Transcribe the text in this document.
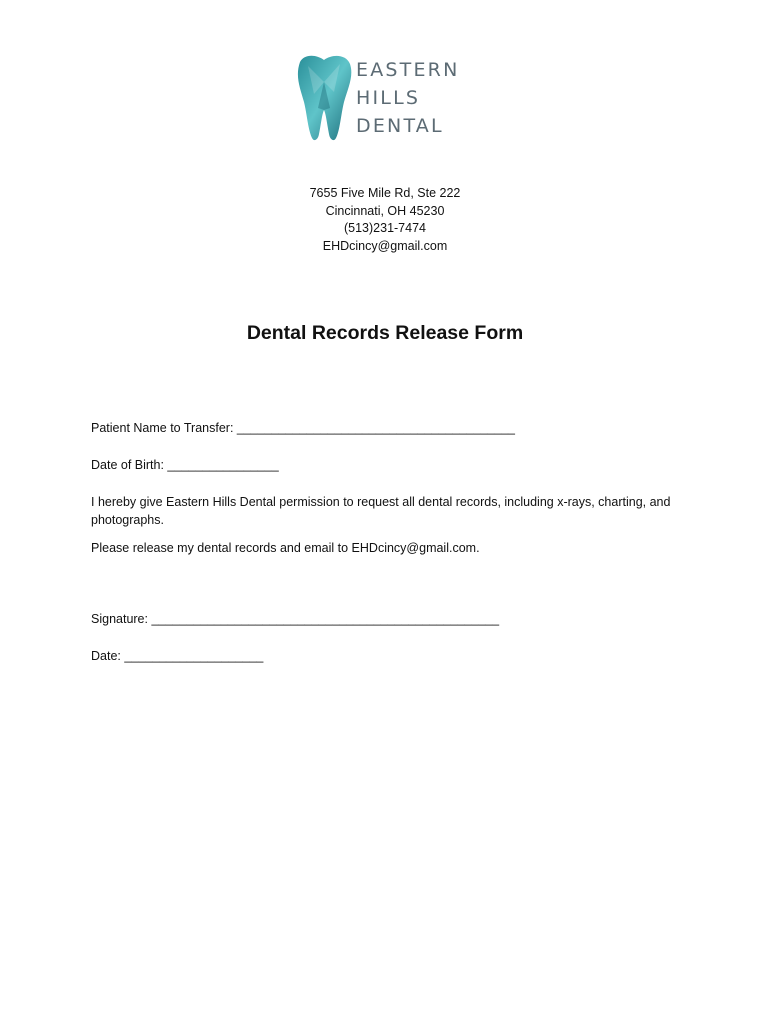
EASTERN
HILLS
DENTAL
7655 Five Mile Rd, Ste 222
Cincinnati, OH 45230
(513)231-7474
EHDcincy@gmail.com
Dental Records Release Form
Patient Name to Transfer: ________________________________________
Date of Birth: ________________
I hereby give Eastern Hills Dental permission to request all dental records, including x-rays, charting, and photographs.
Please release my dental records and email to EHDcincy@gmail.com.
Signature: __________________________________________________
Date: ____________________
